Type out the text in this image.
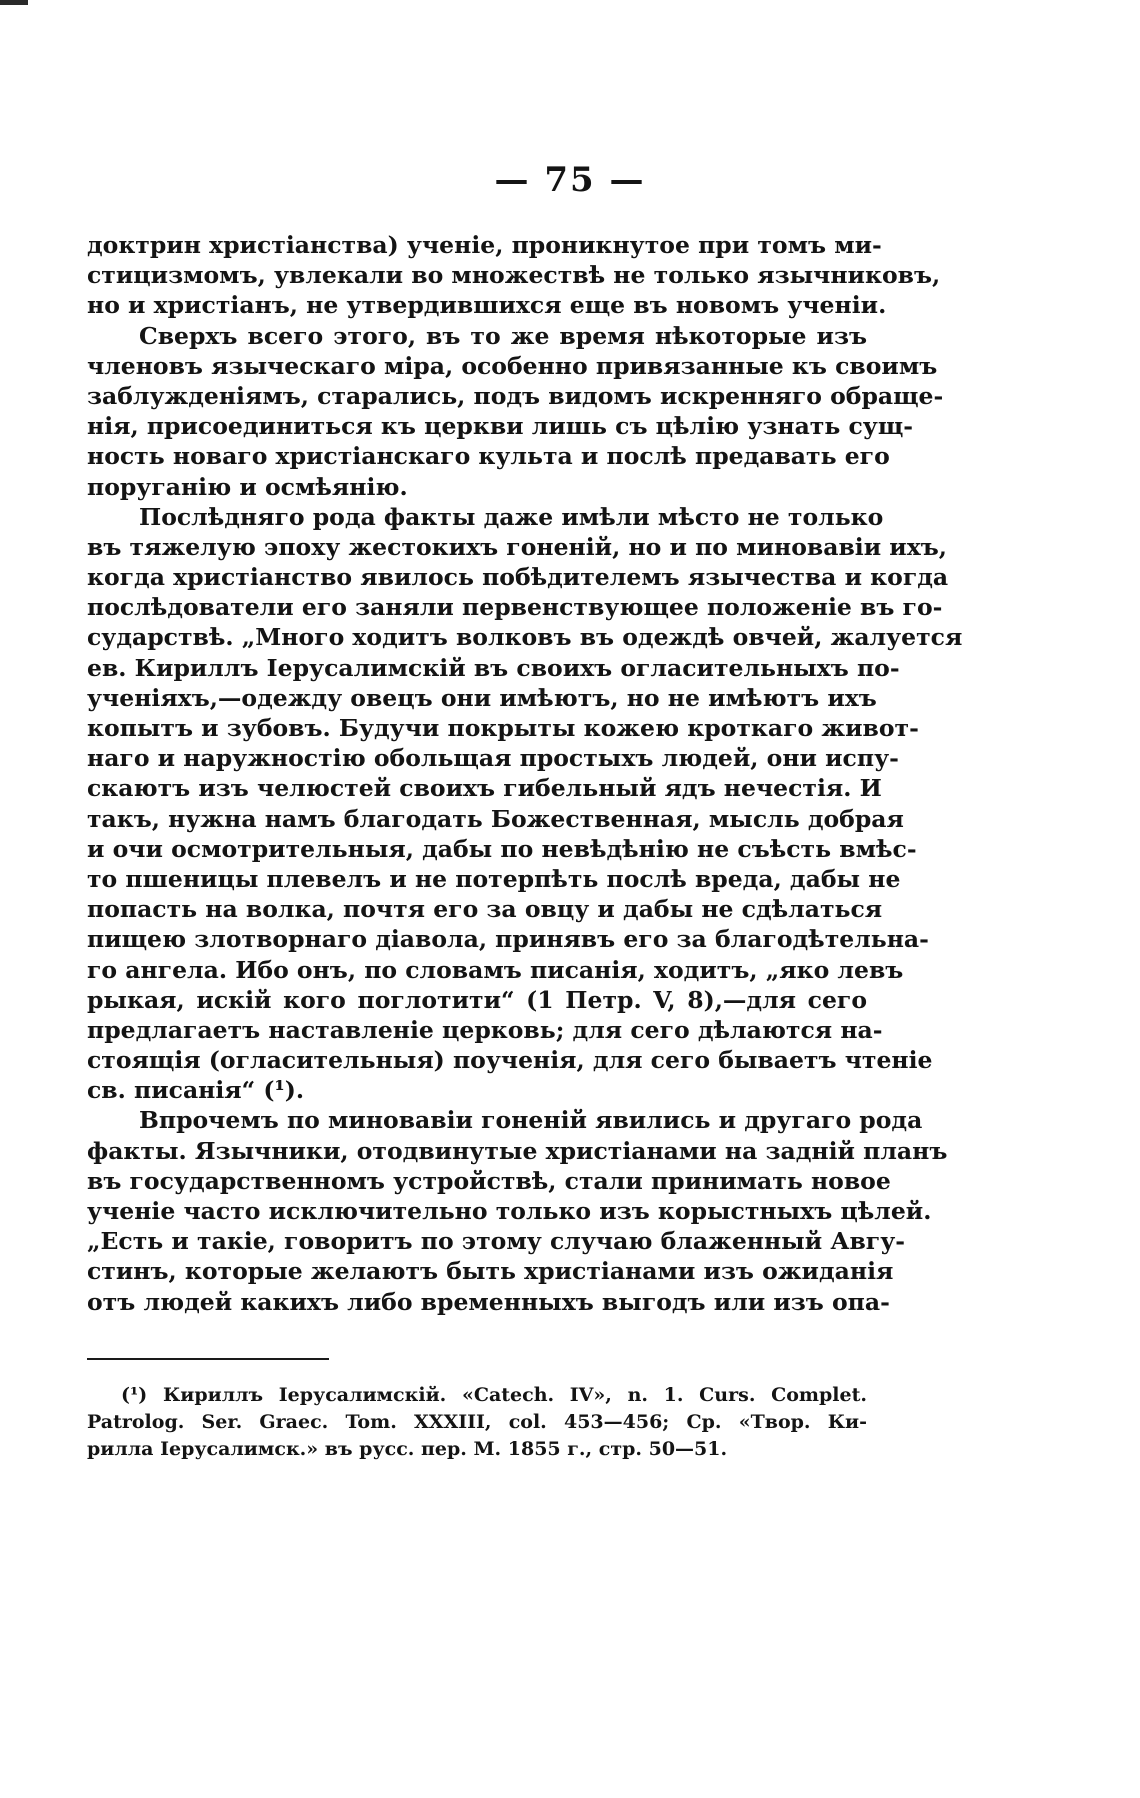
— 75 —
доктрин христіанства) ученіе, проникнутое при томъ ми-
стицизмомъ, увлекали во множествѣ не только язычниковъ,
но и христіанъ, не утвердившихся еще въ новомъ ученіи.
Сверхъ всего этого, въ то же время нѣкоторые изъ
членовъ языческаго міра, особенно привязанные къ своимъ
заблужденіямъ, старались, подъ видомъ искренняго обраще-
нія, присоединиться къ церкви лишь съ цѣлію узнать сущ-
ность новаго христіанскаго культа и послѣ предавать его
поруганію и осмѣянію.
Послѣдняго рода факты даже имѣли мѣсто не только
въ тяжелую эпоху жестокихъ гоненій, но и по миновавіи ихъ,
когда христіанство явилось побѣдителемъ язычества и когда
послѣдователи его заняли первенствующее положеніе въ го-
сударствѣ. „Много ходитъ волковъ въ одеждѣ овчей, жалуется
ев. Кириллъ Іерусалимскій въ своихъ огласительныхъ по-
ученіяхъ,—одежду овецъ они имѣютъ, но не имѣютъ ихъ
копытъ и зубовъ. Будучи покрыты кожею кроткаго живот-
наго и наружностію обольщая простыхъ людей, они испу-
скаютъ изъ челюстей своихъ гибельный ядъ нечестія. И
такъ, нужна намъ благодать Божественная, мысль добрая
и очи осмотрительныя, дабы по невѣдѣнію не съѣсть вмѣс-
то пшеницы плевелъ и не потерпѣть послѣ вреда, дабы не
попасть на волка, почтя его за овцу и дабы не сдѣлаться
пищею злотворнаго діавола, принявъ его за благодѣтельна-
го ангела. Ибо онъ, по словамъ писанія, ходитъ, „яко левъ
рыкая, искій кого поглотити“ (1 Петр. V, 8),—для сего
предлагаетъ наставленіе церковь; для сего дѣлаются на-
стоящія (огласительныя) поученія, для сего бываетъ чтеніе
св. писанія“ (¹).
Впрочемъ по миновавіи гоненій явились и другаго рода
факты. Язычники, отодвинутые христіанами на задній планъ
въ государственномъ устройствѣ, стали принимать новое
ученіе часто исключительно только изъ корыстныхъ цѣлей.
„Есть и такіе, говоритъ по этому случаю блаженный Авгу-
стинъ, которые желаютъ быть христіанами изъ ожиданія
отъ людей какихъ либо временныхъ выгодъ или изъ опа-
(¹) Кириллъ Іерусалимскій. «Catech. IV», n. 1. Curs. Complet.
Patrolog. Ser. Graec. Tom. XXXIII, col. 453—456; Ср. «Твор. Ки-
рилла Іерусалимск.» въ русс. пер. М. 1855 г., стр. 50—51.
